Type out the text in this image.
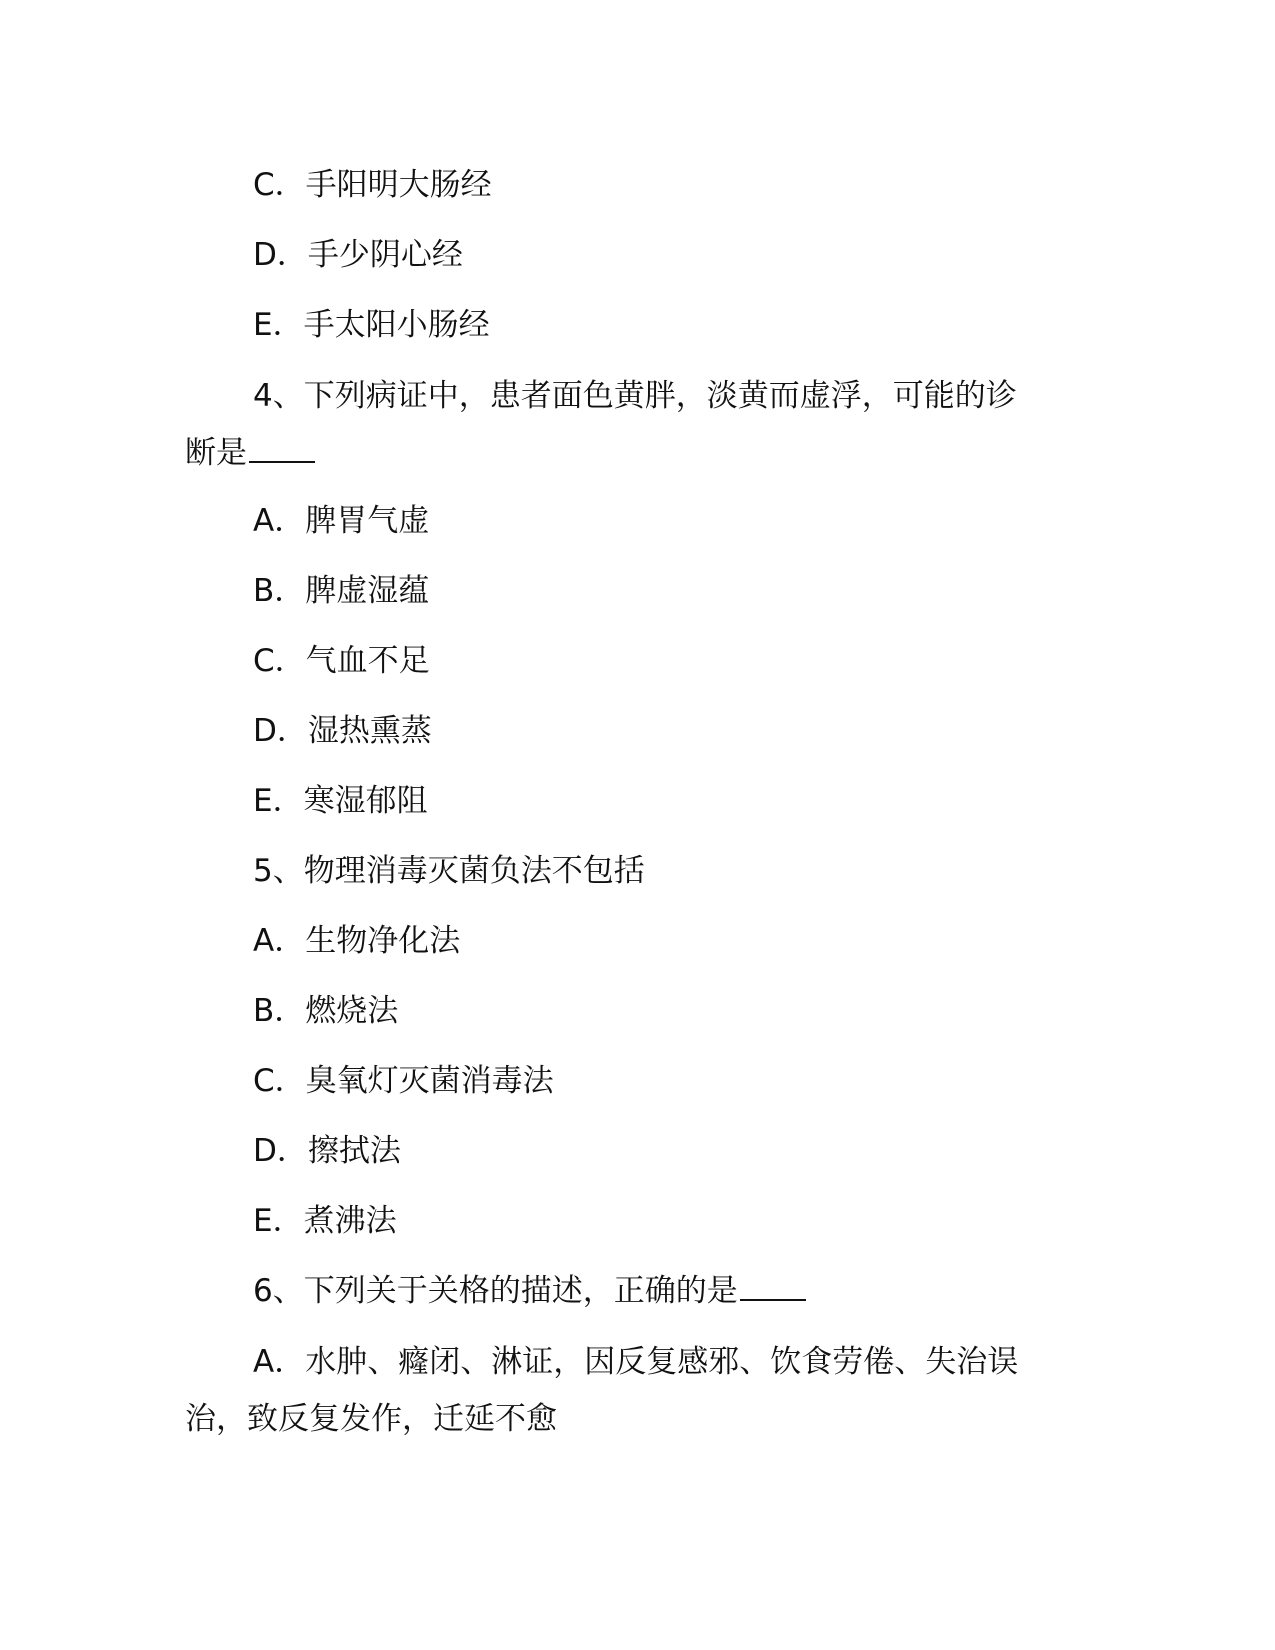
C．手阳明大肠经
D．手少阴心经
E．手太阳小肠经
4、下列病证中，患者面色黄胖，淡黄而虚浮，可能的诊
断是
A．脾胃气虚
B．脾虚湿蕴
C．气血不足
D．湿热熏蒸
E．寒湿郁阻
5、物理消毒灭菌负法不包括
A．生物净化法
B．燃烧法
C．臭氧灯灭菌消毒法
D．擦拭法
E．煮沸法
6、下列关于关格的描述，正确的是
A．水肿、癃闭、淋证，因反复感邪、饮食劳倦、失治误
治，致反复发作，迁延不愈
